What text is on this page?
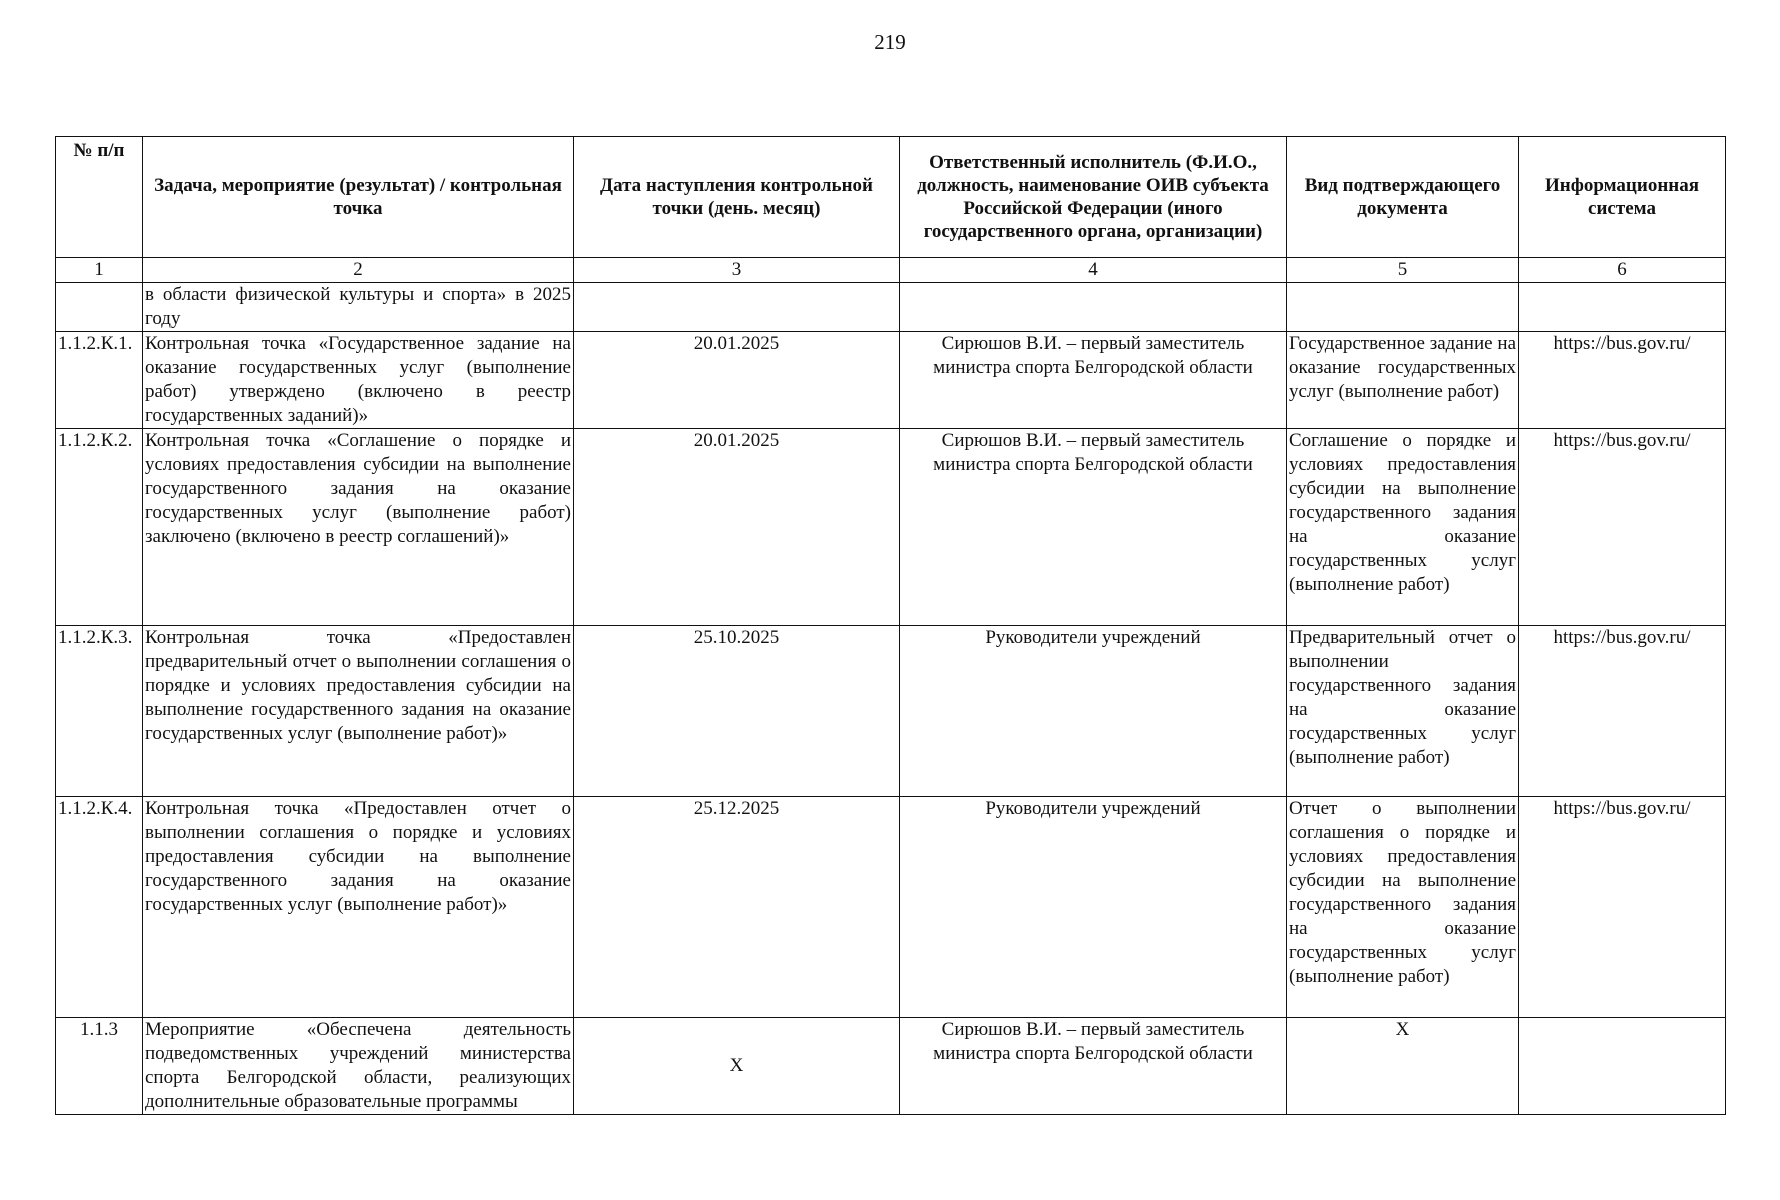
219
№ п/п	Задача, мероприятие (результат) / контрольная точка	Дата наступления контрольной точки (день. месяц)	Ответственный исполнитель (Ф.И.О., должность, наименование ОИВ субъекта Российской Федерации (иного государственного органа, организации)	Вид подтверждающего документа	Информационная система
1	2	3	4	5	6
	в области физической культуры и спорта» в 2025 году				
1.1.2.К.1.	Контрольная точка «Государственное задание на оказание государственных услуг (выполнение работ) утверждено (включено в реестр государственных заданий)»	20.01.2025	Сирюшов В.И. – первый заместитель министра спорта Белгородской области	Государственное задание на оказание государственных услуг (выполнение работ)	https://bus.gov.ru/
1.1.2.К.2.	Контрольная точка «Соглашение о порядке и условиях предоставления субсидии на выполнение государственного задания на оказание государственных услуг (выполнение работ) заключено (включено в реестр соглашений)»	20.01.2025	Сирюшов В.И. – первый заместитель министра спорта Белгородской области	Соглашение о порядке и условиях предоставления субсидии на выполнение государственного задания на оказание государственных услуг (выполнение работ)	https://bus.gov.ru/
1.1.2.К.3.	Контрольная точка «Предоставлен предварительный отчет о выполнении соглашения о порядке и условиях предоставления субсидии на выполнение государственного задания на оказание государственных услуг (выполнение работ)»	25.10.2025	Руководители учреждений	Предварительный отчет о выполнении государственного задания на оказание государственных услуг (выполнение работ)	https://bus.gov.ru/
1.1.2.К.4.	Контрольная точка «Предоставлен отчет о выполнении соглашения о порядке и условиях предоставления субсидии на выполнение государственного задания на оказание государственных услуг (выполнение работ)»	25.12.2025	Руководители учреждений	Отчет о выполнении соглашения о порядке и условиях предоставления субсидии на выполнение государственного задания на оказание государственных услуг (выполнение работ)	https://bus.gov.ru/
1.1.3	Мероприятие «Обеспечена деятельность подведомственных учреждений министерства спорта Белгородской области, реализующих дополнительные образовательные программы	Х	Сирюшов В.И. – первый заместитель министра спорта Белгородской области	Х	
